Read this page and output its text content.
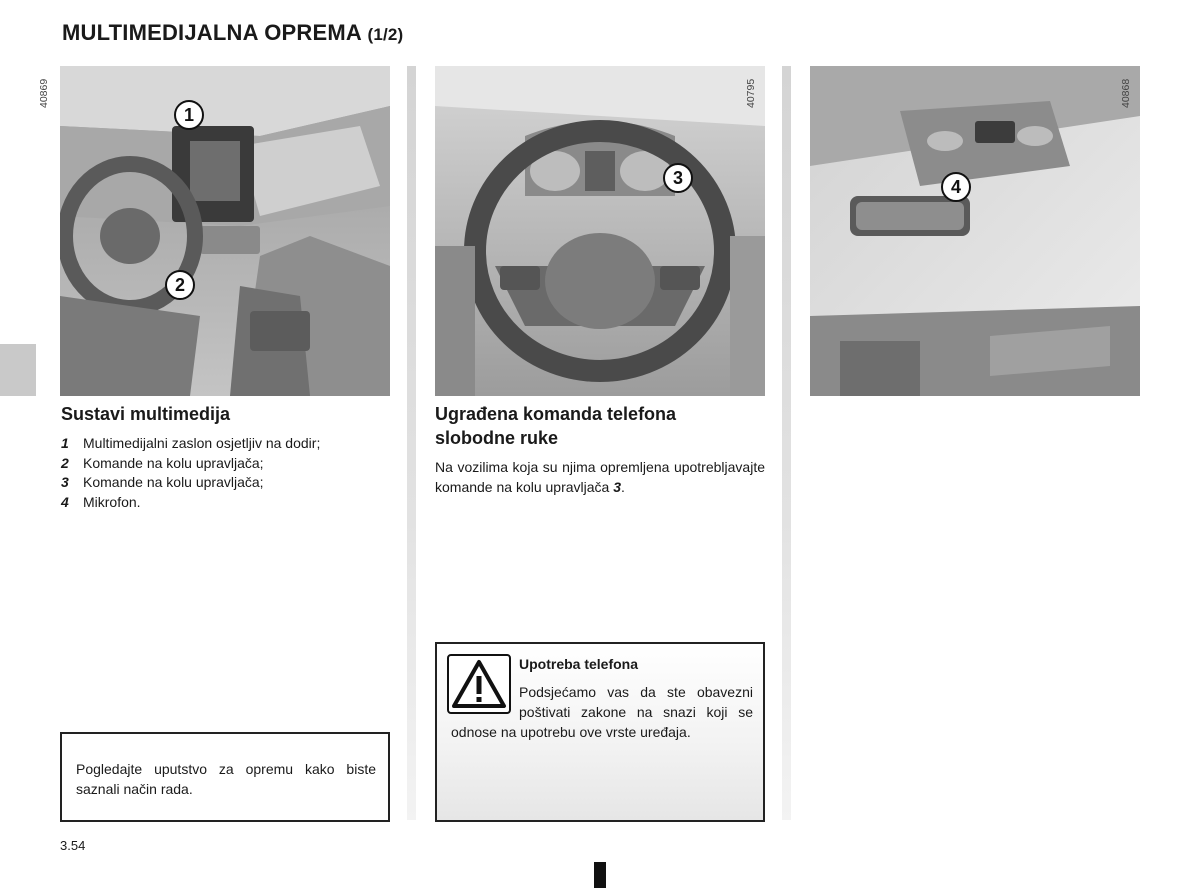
MULTIMEDIJALNA OPREMA (1/2)
1
2
40869
3
40795
4
40868
Sustavi multimedija
1 Multimedijalni zaslon osjetljiv na dodir;
2 Komande na kolu upravljača;
3 Komande na kolu upravljača;
4 Mikrofon.
Pogledajte uputstvo za opremu kako biste saznali način rada.
Ugrađena komanda telefona
slobodne ruke
Na vozilima koja su njima opremljena upotrebljavajte komande na kolu upravljača 3.
Upotreba telefona
Podsjećamo vas da ste obavezni poštivati zakone na snazi koji se odnose na upotrebu ove vrste uređaja.
3.54
